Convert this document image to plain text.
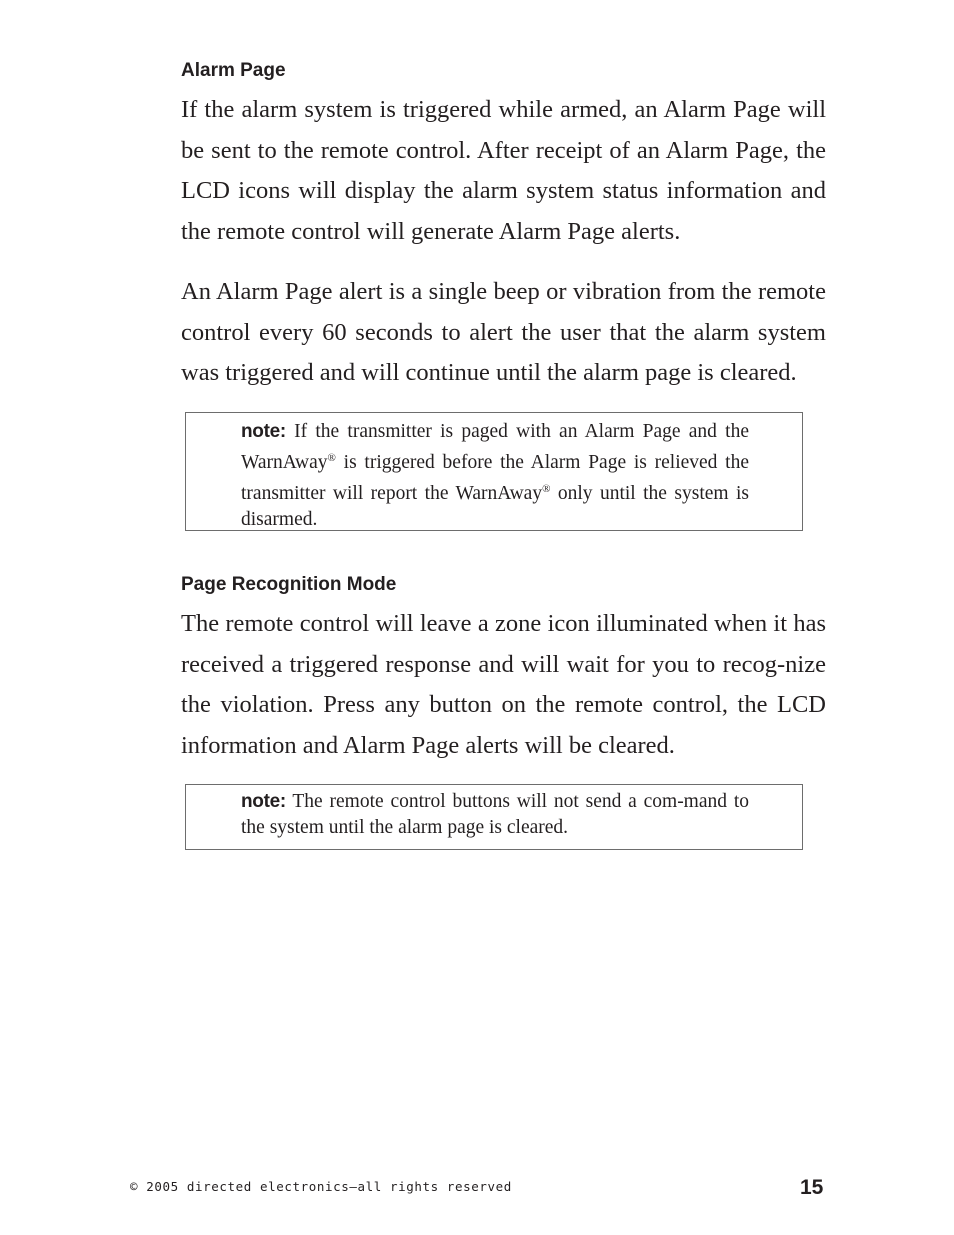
Alarm Page

If the alarm system is triggered while armed, an Alarm Page will be sent to the remote control. After receipt of an Alarm Page, the LCD icons will display the alarm system status information and the remote control will generate Alarm Page alerts.

An Alarm Page alert is a single beep or vibration from the remote control every 60 seconds to alert the user that the alarm system was triggered and will continue until the alarm page is cleared.

note: If the transmitter is paged with an Alarm Page and the WarnAway® is triggered before the Alarm Page is relieved the transmitter will report the WarnAway® only until the system is disarmed.

Page Recognition Mode

The remote control will leave a zone icon illuminated when it has received a triggered response and will wait for you to recog-nize the violation. Press any button on the remote control, the LCD information and Alarm Page alerts will be cleared.

note: The remote control buttons will not send a com-mand to the system until the alarm page is cleared.

© 2005 directed electronics—all rights reserved	15
